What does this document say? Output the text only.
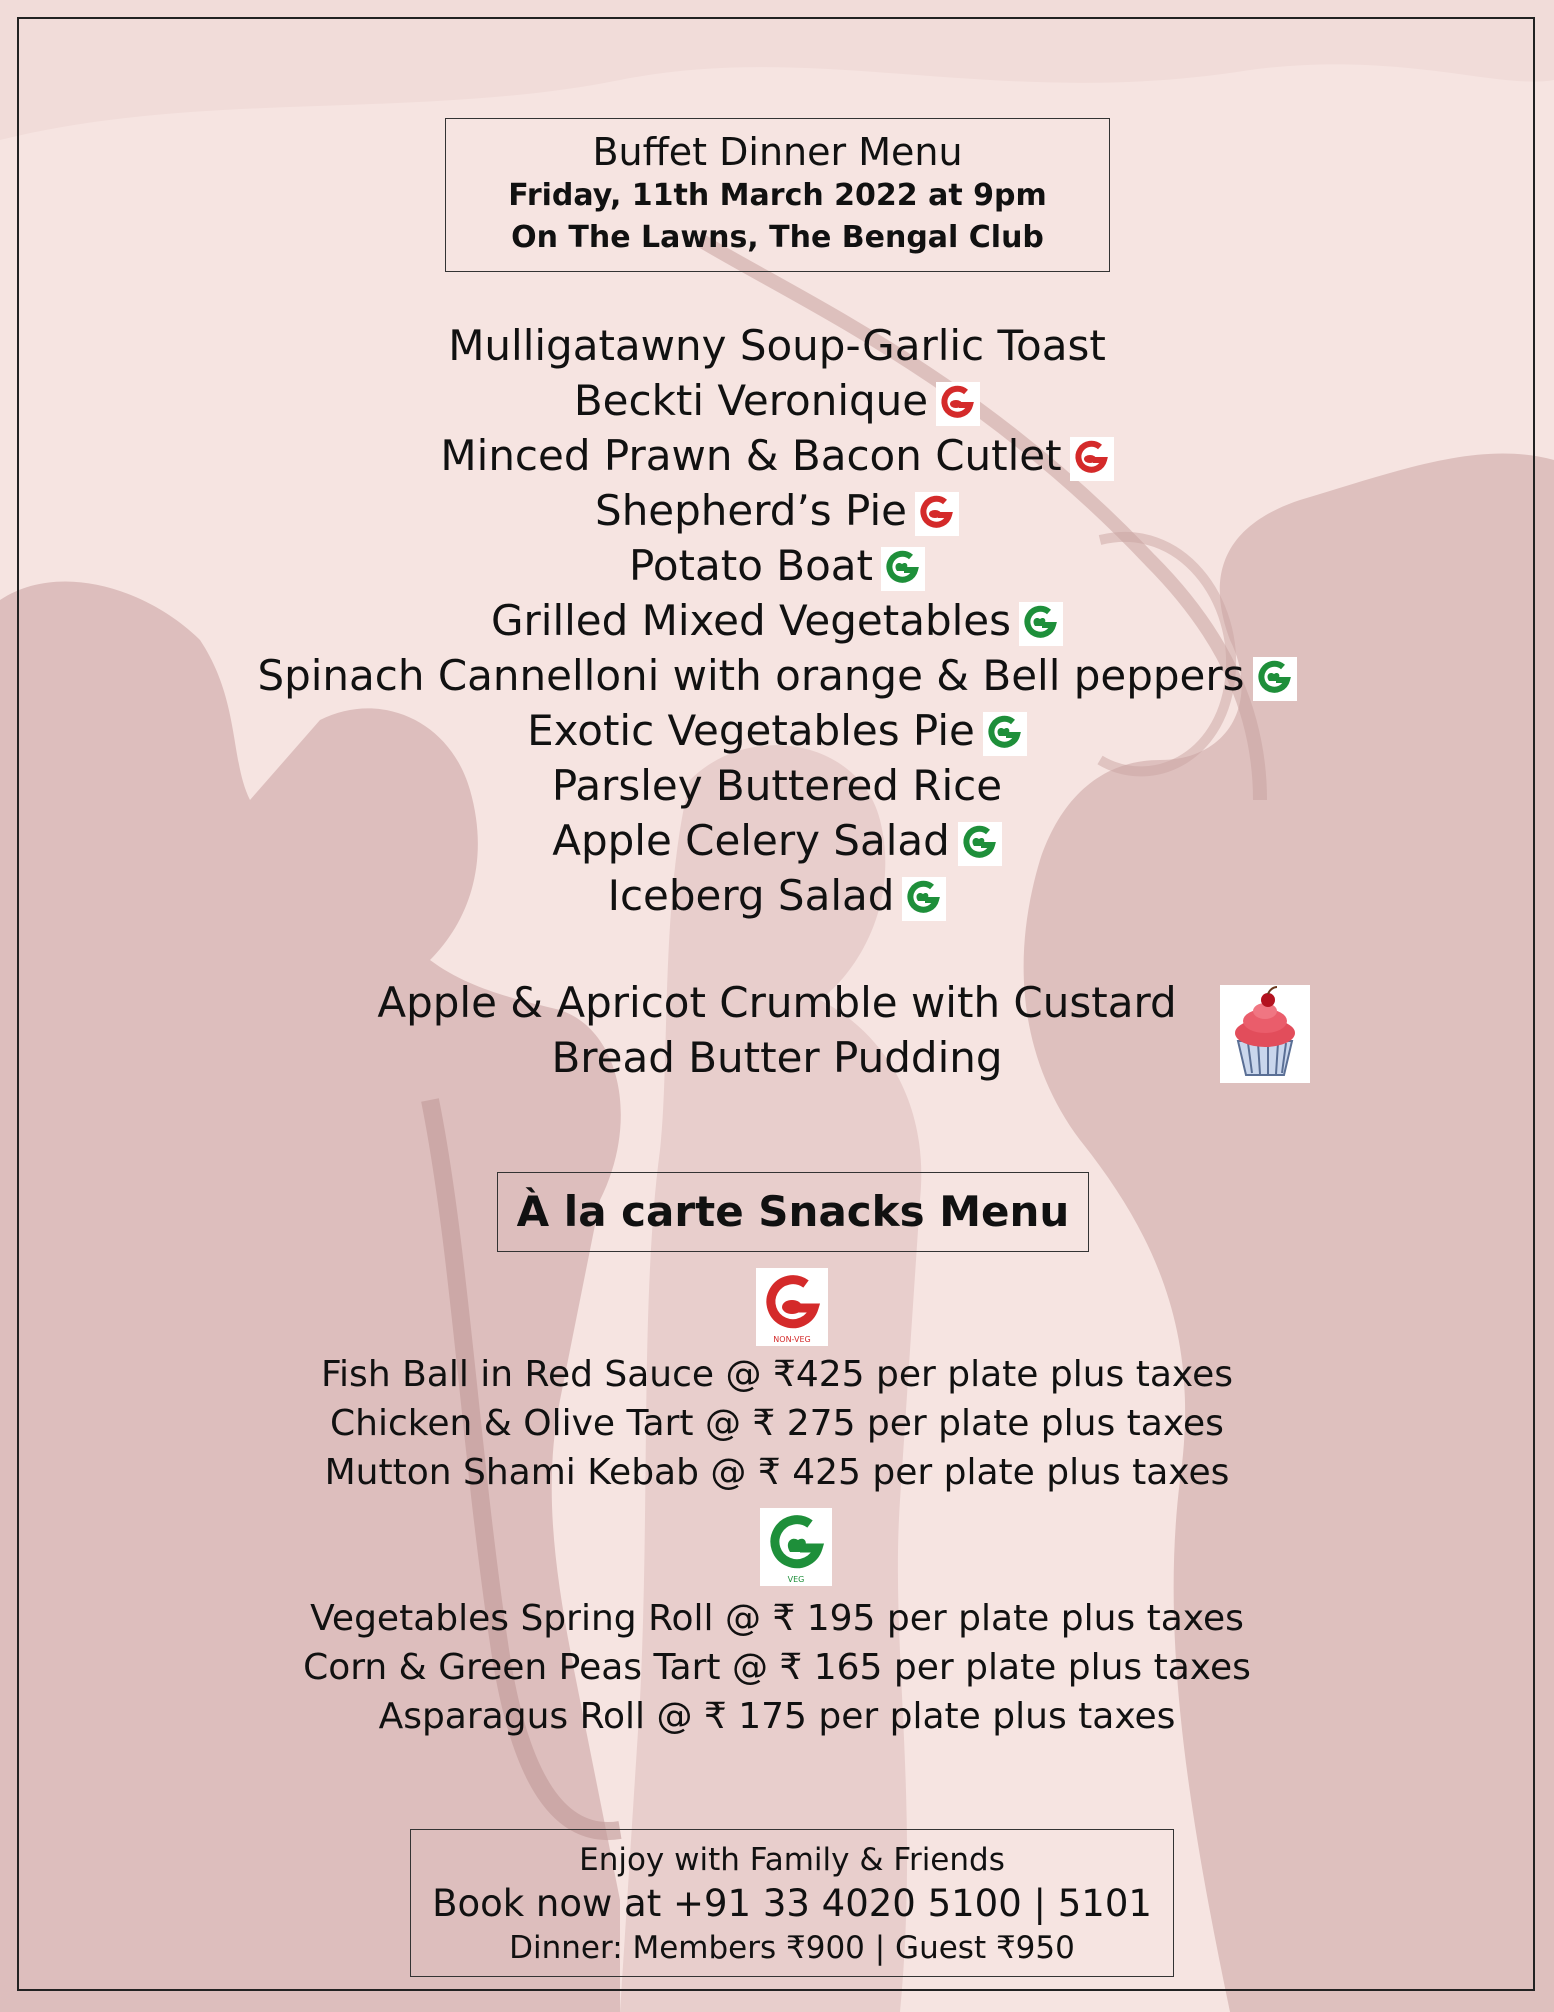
Buffet Dinner Menu
Friday, 11th March 2022 at 9pm
On The Lawns, The Bengal Club
Mulligatawny Soup-Garlic Toast
Beckti Veronique
Minced Prawn & Bacon Cutlet
Shepherd’s Pie
Potato Boat
Grilled Mixed Vegetables
Spinach Cannelloni with orange & Bell peppers
Exotic Vegetables Pie
Parsley Buttered Rice
Apple Celery Salad
Iceberg Salad
Apple & Apricot Crumble with Custard
Bread Butter Pudding
À la carte Snacks Menu
NON-VEG
Fish Ball in Red Sauce @ ₹425 per plate plus taxes
Chicken & Olive Tart @ ₹ 275 per plate plus taxes
Mutton Shami Kebab @ ₹ 425 per plate plus taxes
VEG
Vegetables Spring Roll @ ₹ 195 per plate plus taxes
Corn & Green Peas Tart @ ₹ 165 per plate plus taxes
Asparagus Roll @ ₹ 175 per plate plus taxes
Enjoy with Family & Friends
Book now at +91 33 4020 5100 | 5101
Dinner: Members ₹900 | Guest ₹950
